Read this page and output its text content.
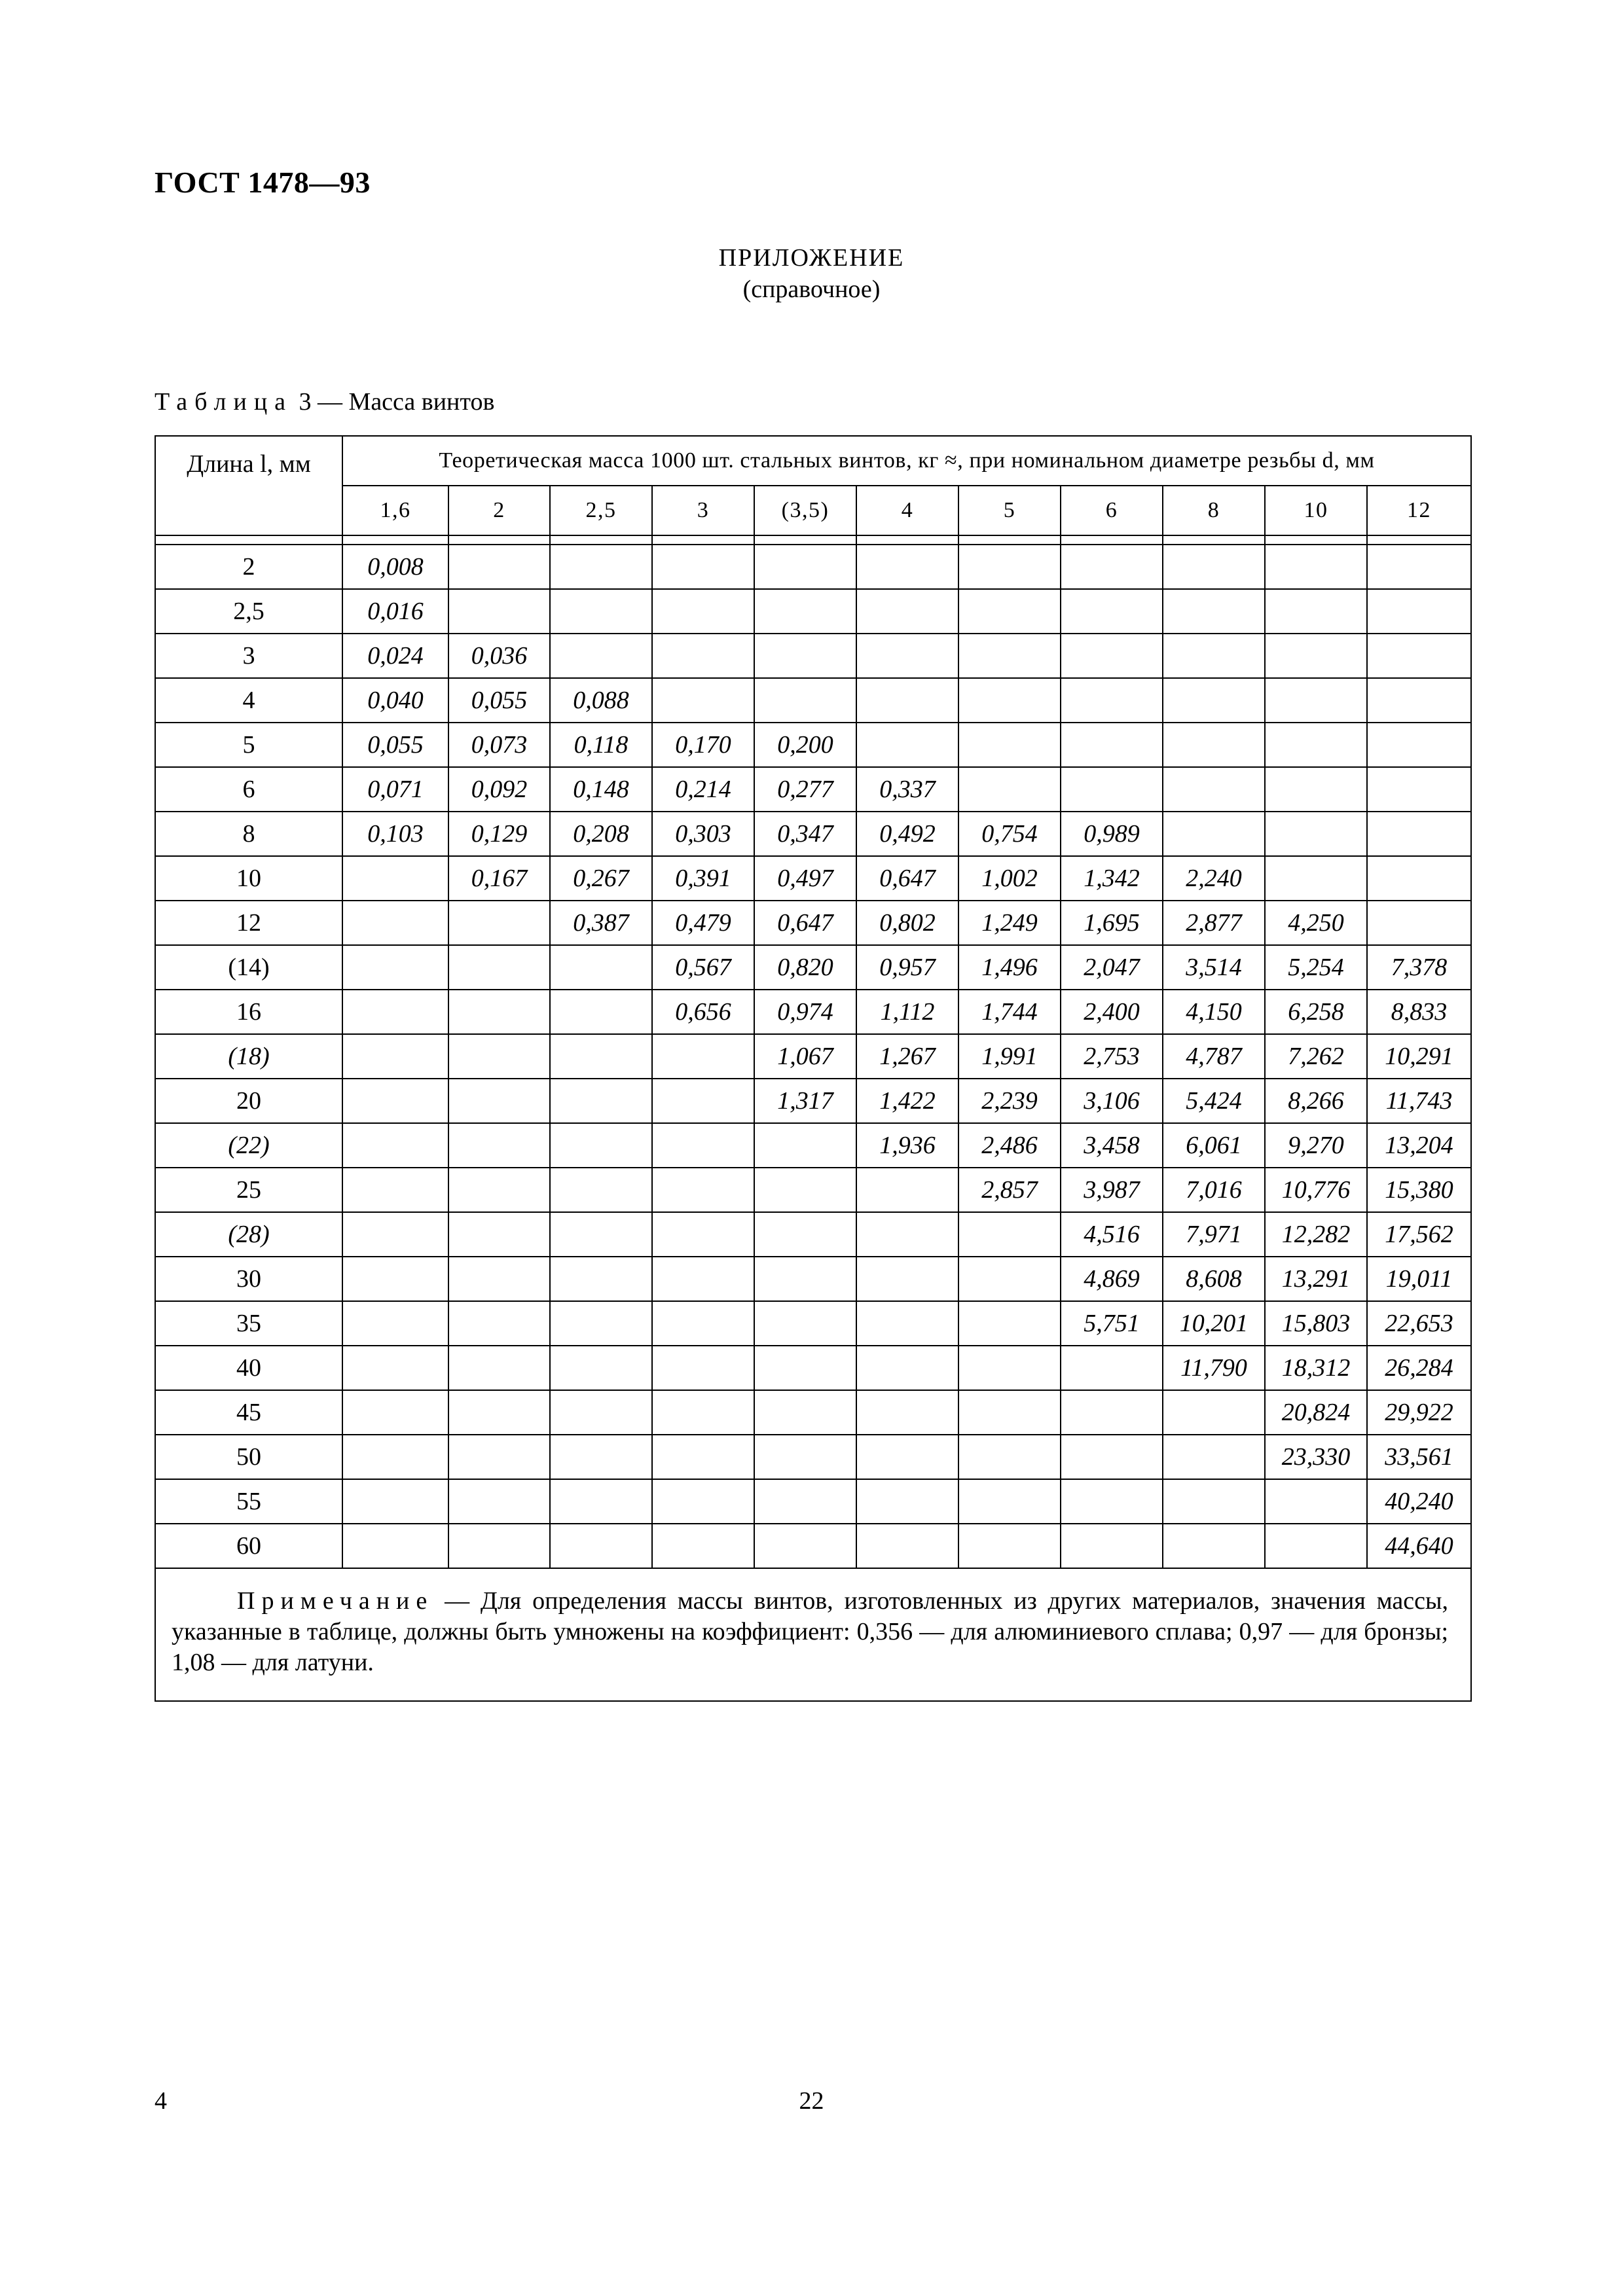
ГОСТ 1478—93
ПРИЛОЖЕНИЕ
(справочное)
Таблица 3 — Масса винтов
Длина l, мм	Теоретическая масса 1000 шт. стальных винтов, кг ≈, при номинальном диаметре резьбы d, мм										
	1,6	2	2,5	3	(3,5)	4	5	6	8	10	12

2	0,008										
2,5	0,016										
3	0,024	0,036									
4	0,040	0,055	0,088								
5	0,055	0,073	0,118	0,170	0,200						
6	0,071	0,092	0,148	0,214	0,277	0,337					
8	0,103	0,129	0,208	0,303	0,347	0,492	0,754	0,989			
10		0,167	0,267	0,391	0,497	0,647	1,002	1,342	2,240		
12			0,387	0,479	0,647	0,802	1,249	1,695	2,877	4,250	
(14)				0,567	0,820	0,957	1,496	2,047	3,514	5,254	7,378
16				0,656	0,974	1,112	1,744	2,400	4,150	6,258	8,833
(18)					1,067	1,267	1,991	2,753	4,787	7,262	10,291
20					1,317	1,422	2,239	3,106	5,424	8,266	11,743
(22)						1,936	2,486	3,458	6,061	9,270	13,204
25							2,857	3,987	7,016	10,776	15,380
(28)								4,516	7,971	12,282	17,562
30								4,869	8,608	13,291	19,011
35								5,751	10,201	15,803	22,653
40									11,790	18,312	26,284
45										20,824	29,922
50										23,330	33,561
55											40,240
60											44,640

Примечание — Для определения массы винтов, изготовленных из других материалов, значения массы, указанные в таблице, должны быть умножены на коэффициент: 0,356 — для алюминиевого сплава; 0,97 — для бронзы; 1,08 — для латуни.											
4	22
